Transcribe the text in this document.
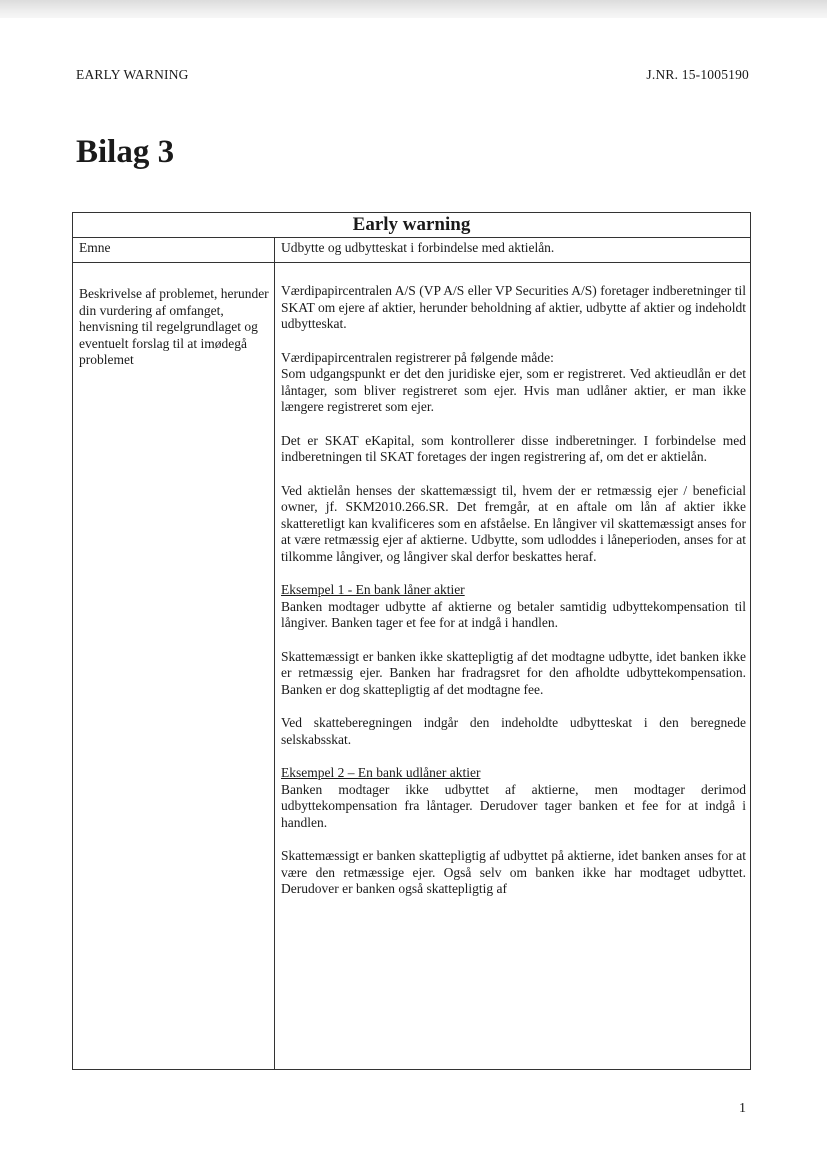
EARLY WARNING	J.NR. 15-1005190
Bilag 3
Early warning
Emne	Udbytte og udbytteskat i forbindelse med aktielån.
Beskrivelse af problemet, herunder din vurdering af omfanget, henvisning til regelgrundlaget og eventuelt forslag til at imødegå problemet

Værdipapircentralen A/S (VP A/S eller VP Securities A/S) foretager indberetninger til SKAT om ejere af aktier, herunder beholdning af aktier, udbytte af aktier og indeholdt udbytteskat.

Værdipapircentralen registrerer på følgende måde:
Som udgangspunkt er det den juridiske ejer, som er registreret. Ved aktieudlån er det låntager, som bliver registreret som ejer. Hvis man udlåner aktier, er man ikke længere registreret som ejer.

Det er SKAT eKapital, som kontrollerer disse indberetninger. I forbindelse med indberetningen til SKAT foretages der ingen registrering af, om det er aktielån.

Ved aktielån henses der skattemæssigt til, hvem der er retmæssig ejer / beneficial owner, jf. SKM2010.266.SR. Det fremgår, at en aftale om lån af aktier ikke skatteretligt kan kvalificeres som en afståelse. En långiver vil skattemæssigt anses for at være retmæssig ejer af aktierne. Udbytte, som udloddes i låneperioden, anses for at tilkomme långiver, og långiver skal derfor beskattes heraf.

Eksempel 1 - En bank låner aktier
Banken modtager udbytte af aktierne og betaler samtidig udbyttekompensation til långiver. Banken tager et fee for at indgå i handlen.

Skattemæssigt er banken ikke skattepligtig af det modtagne udbytte, idet banken ikke er retmæssig ejer. Banken har fradragsret for den afholdte udbyttekompensation. Banken er dog skattepligtig af det modtagne fee.

Ved skatteberegningen indgår den indeholdte udbytteskat i den beregnede selskabsskat.

Eksempel 2 – En bank udlåner aktier
Banken modtager ikke udbyttet af aktierne, men modtager derimod udbyttekompensation fra låntager. Derudover tager banken et fee for at indgå i handlen.

Skattemæssigt er banken skattepligtig af udbyttet på aktierne, idet banken anses for at være den retmæssige ejer. Også selv om banken ikke har modtaget udbyttet. Derudover er banken også skattepligtig af

1
